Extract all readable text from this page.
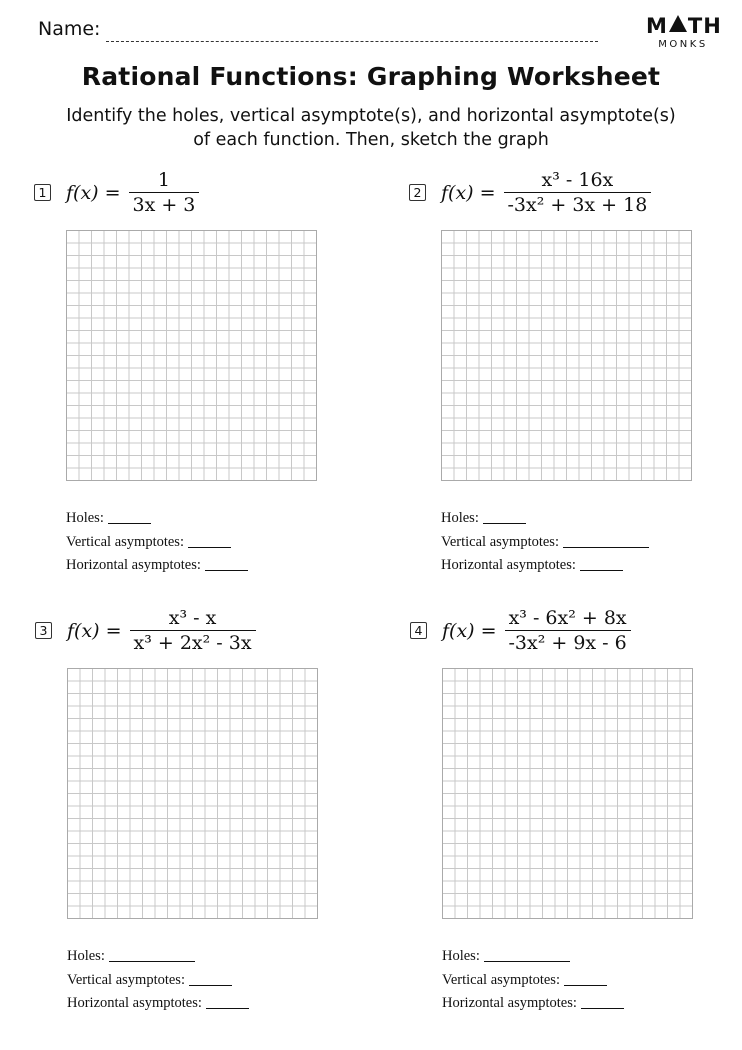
Name:	M TH
MONKS
Rational Functions: Graphing Worksheet
Identify the holes, vertical asymptote(s), and horizontal asymptote(s)
of each function. Then, sketch the graph
1 $f(x) = \frac{1}{3x + 3}$
Holes:
Vertical asymptotes:
Horizontal asymptotes:
2 $f(x) = \frac{\text{x³ - 16x}}{\text{-3x² + 3x + 18}}$
Holes:
Vertical asymptotes:
Horizontal asymptotes:
3 $f(x) = \frac{\text{x³ - x}}{\text{x³ + 2x² - 3x}}$
Holes:
Vertical asymptotes:
Horizontal asymptotes:
4 $f(x) = \frac{\text{x³ - 6x² + 8x}}{\text{-3x² + 9x - 6}}$
Holes:
Vertical asymptotes:
Horizontal asymptotes:
